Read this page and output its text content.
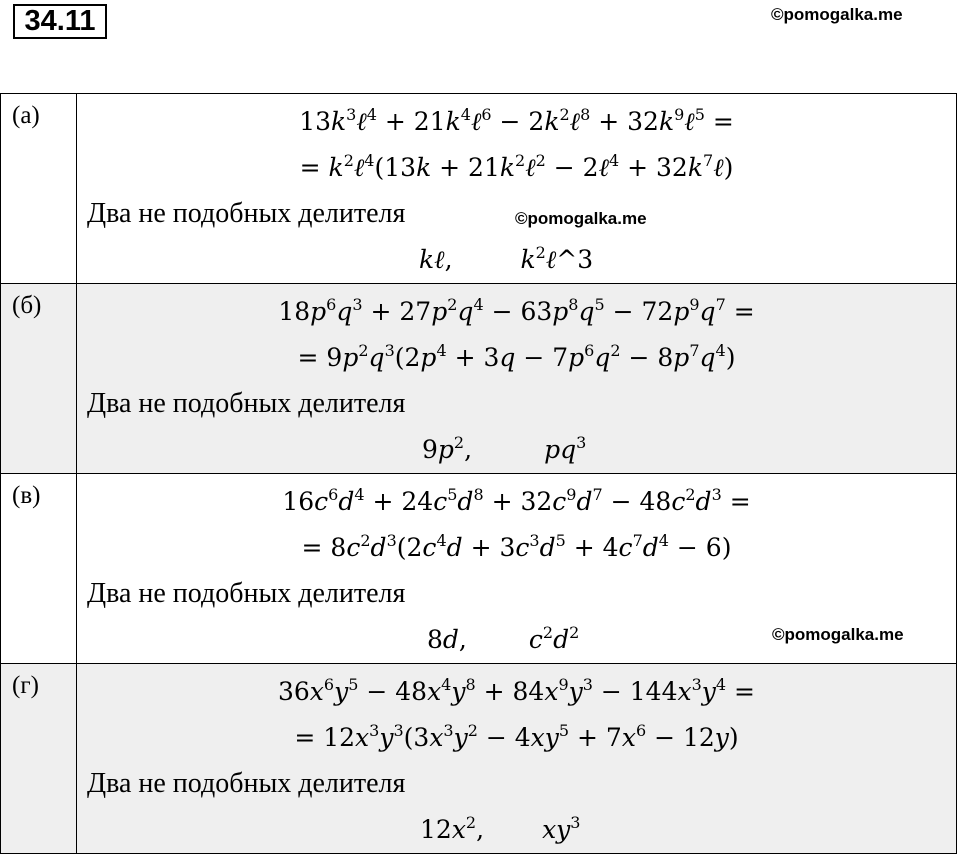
34.11	©pomogalka.me
(а)	$13k^3\ell^4$ + $21k^4\ell^6$ − $2k^2\ell^8$ + $32k^9\ell^5$ =
= $k^2\ell^4(13k$ + $21k^2\ell^2$ − 2ℓ$^4$ + $32k^7\ell$)
Два не подобных делителя
kℓ, $k^2\ell\^{}3$

(б)	$18p^6q^3 + 27p^2q^4 - 63p^8q^5 - 72p^9q^7$ =
= $9p^2q^3(2p^4 + 3q - 7p^6q^2 - 8p^7q^4)$
Два не подобных делителя
$9p^2$, $pq^3$

(в)	$16c^6d^4 + 24c^5d^8 + 32c^9d^7 - 48c^2d^3$ =
= $8c^2d^3(2c^4d + 3c^3d^5 + 4c^7d^4 - 6)$
Два не подобных делителя
8d, $c^2d^2$

(г)	$36x^6y^5 - 48x^4y^8 + 84x^9y^3 - 144x^3y^4$ =
= $12x^3y^3(3x^3y^2 - 4xy^5 + 7x^6 - 12y)$
Два не подобных делителя
$12x^2$, $xy^3$
©pomogalka.me
©pomogalka.me
